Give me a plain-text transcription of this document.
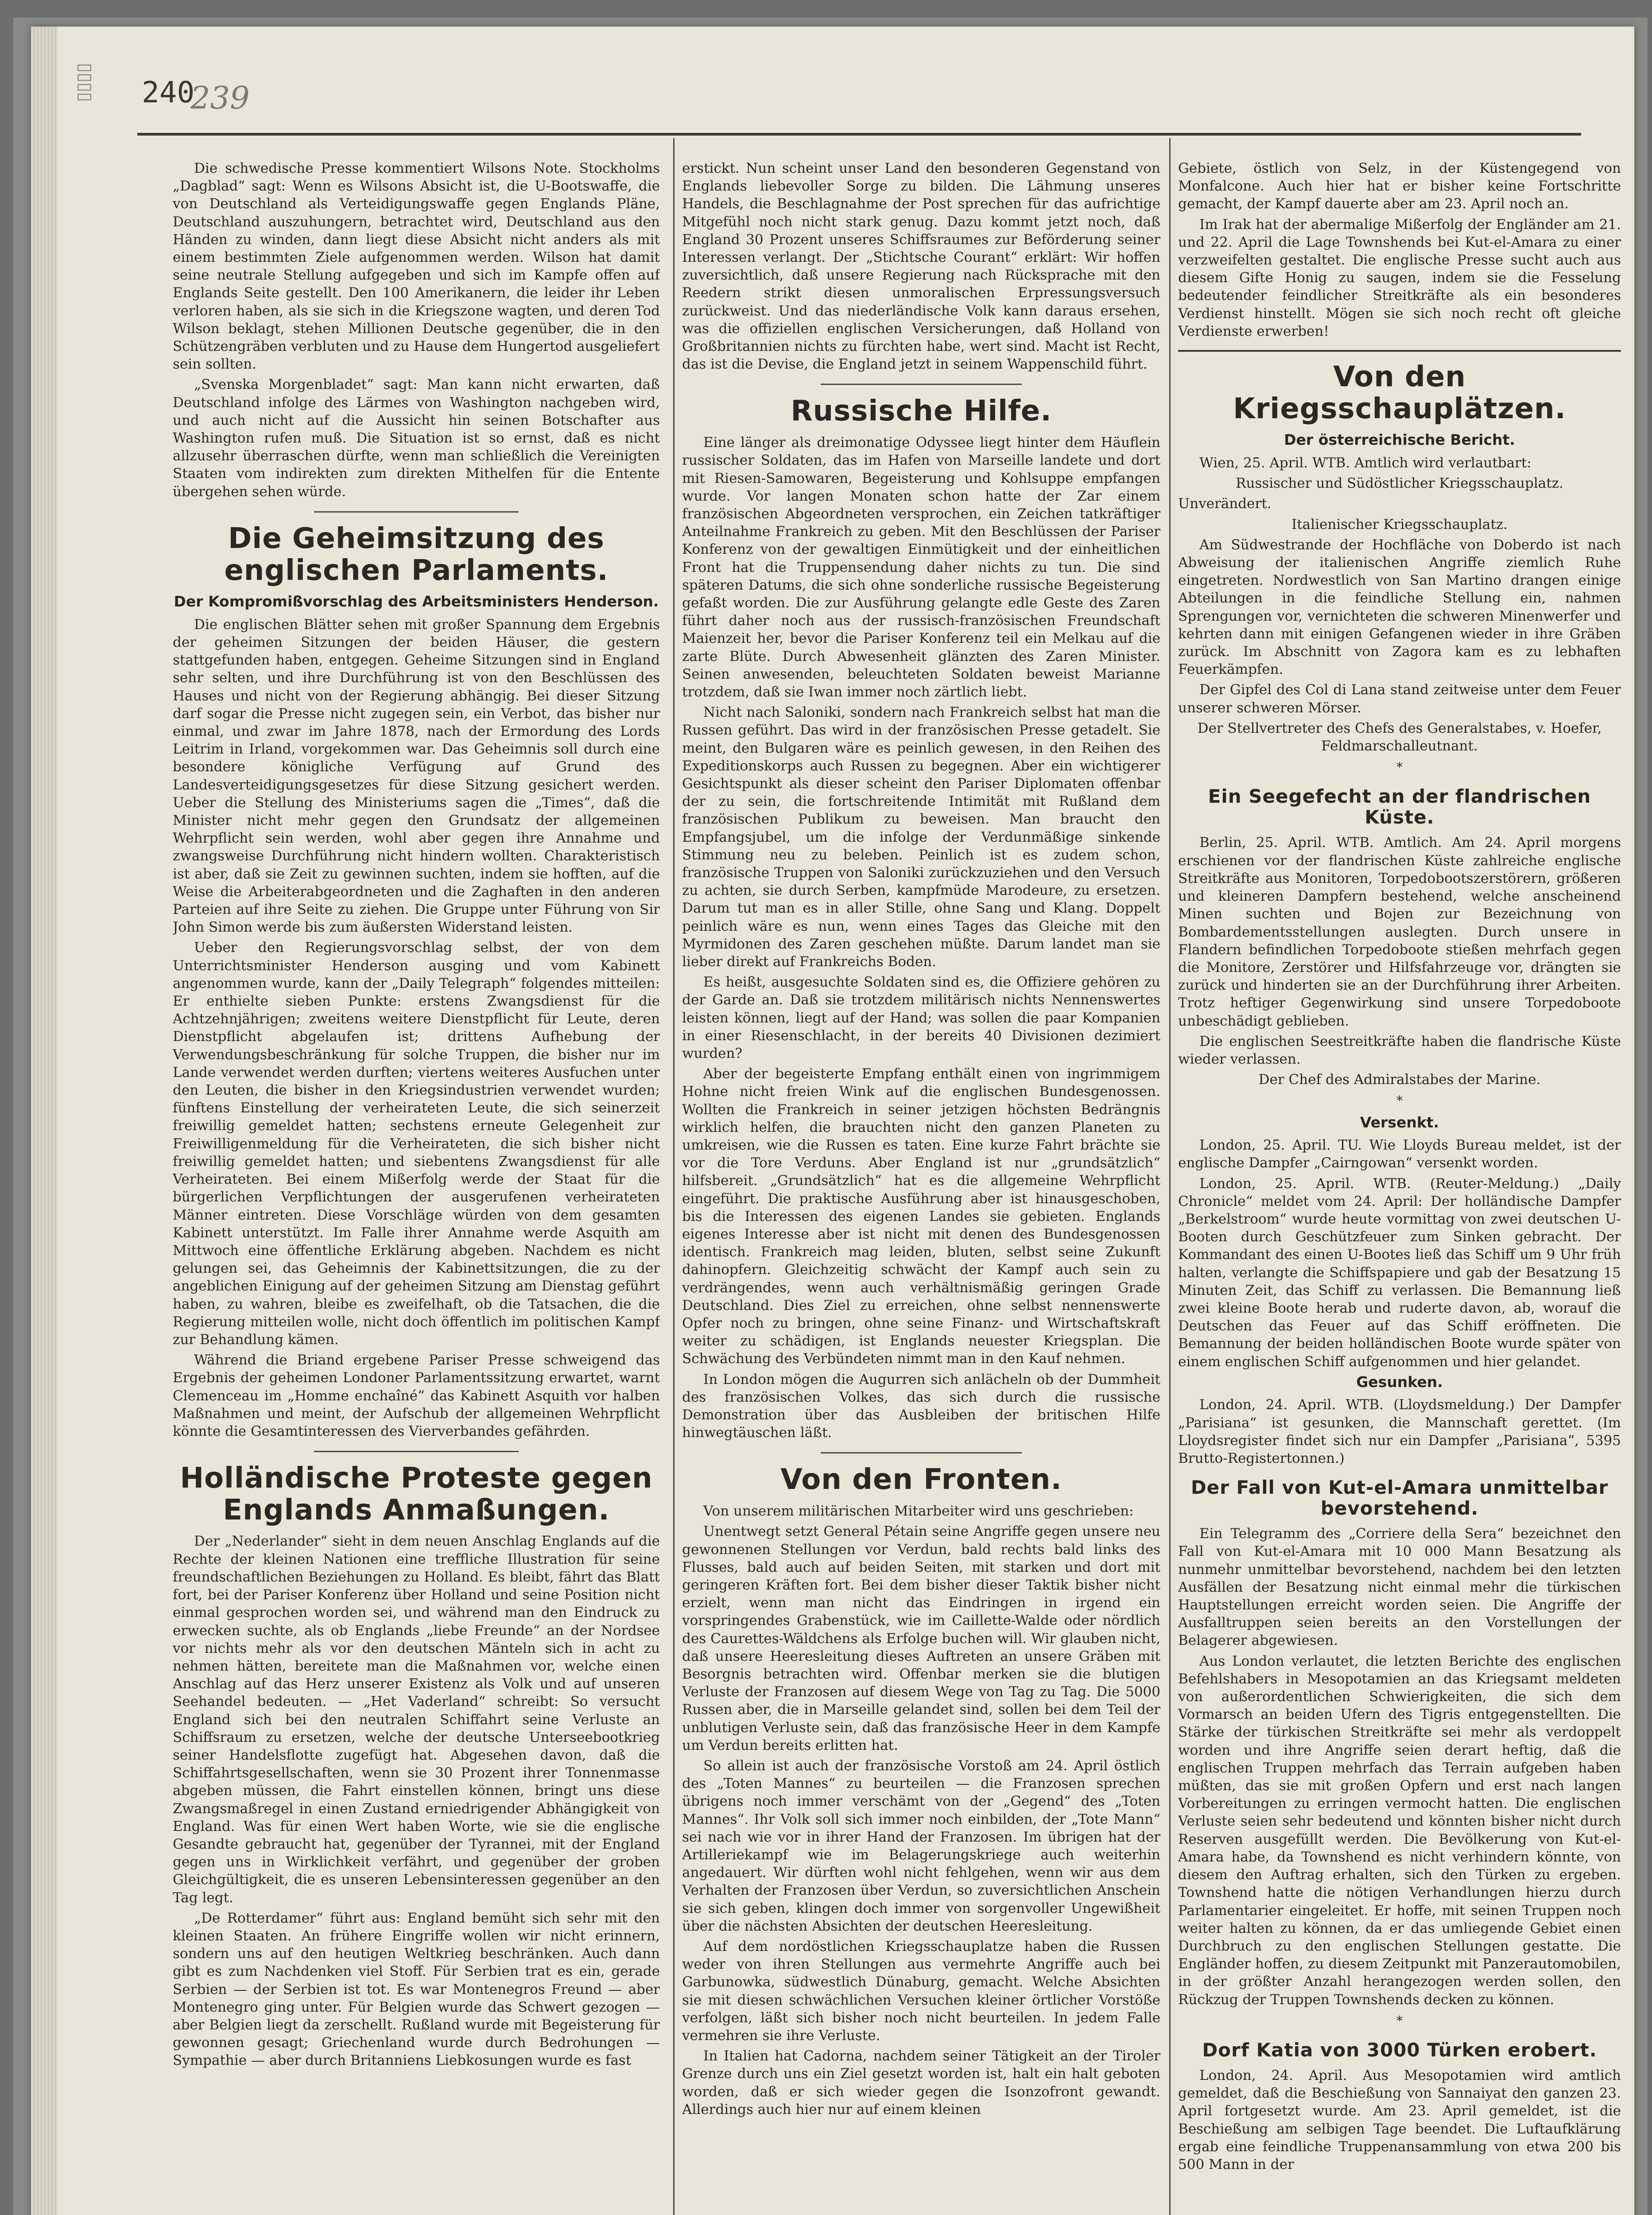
▯▯▯▯ 240
239

Die schwedische Presse kommentiert Wilsons Note. Stockholms „Dagblad“ sagt: Wenn es Wilsons Absicht ist, die U-Bootswaffe, die von Deutschland als Verteidigungswaffe gegen Englands Pläne, Deutschland auszuhungern, betrachtet wird, Deutschland aus den Händen zu winden, dann liegt diese Absicht nicht anders als mit einem bestimmten Ziele aufgenommen werden. Wilson hat damit seine neutrale Stellung aufgegeben und sich im Kampfe offen auf Englands Seite gestellt. Den 100 Amerikanern, die leider ihr Leben verloren haben, als sie sich in die Kriegszone wagten, und deren Tod Wilson beklagt, stehen Millionen Deutsche gegenüber, die in den Schützengräben verbluten und zu Hause dem Hungertod ausgeliefert sein sollten.

„Svenska Morgenbladet“ sagt: Man kann nicht erwarten, daß Deutschland infolge des Lärmes von Washington nachgeben wird, und auch nicht auf die Aussicht hin seinen Botschafter aus Washington rufen muß. Die Situation ist so ernst, daß es nicht allzusehr überraschen dürfte, wenn man schließlich die Vereinigten Staaten vom indirekten zum direkten Mithelfen für die Entente übergehen sehen würde.

Die Geheimsitzung des englischen Parlaments.
Der Kompromißvorschlag des Arbeitsministers Henderson.

Die englischen Blätter sehen mit großer Spannung dem Ergebnis der geheimen Sitzungen der beiden Häuser, die gestern stattgefunden haben, entgegen. Geheime Sitzungen sind in England sehr selten, und ihre Durchführung ist von den Beschlüssen des Hauses und nicht von der Regierung abhängig. Bei dieser Sitzung darf sogar die Presse nicht zugegen sein, ein Verbot, das bisher nur einmal, und zwar im Jahre 1878, nach der Ermordung des Lords Leitrim in Irland, vorgekommen war. Das Geheimnis soll durch eine besondere königliche Verfügung auf Grund des Landesverteidigungsgesetzes für diese Sitzung gesichert werden. Ueber die Stellung des Ministeriums sagen die „Times“, daß die Minister nicht mehr gegen den Grundsatz der allgemeinen Wehrpflicht sein werden, wohl aber gegen ihre Annahme und zwangsweise Durchführung nicht hindern wollten. Charakteristisch ist aber, daß sie Zeit zu gewinnen suchten, indem sie hofften, auf die Weise die Arbeiterabgeordneten und die Zaghaften in den anderen Parteien auf ihre Seite zu ziehen. Die Gruppe unter Führung von Sir John Simon werde bis zum äußersten Widerstand leisten.

Ueber den Regierungsvorschlag selbst, der von dem Unterrichtsminister Henderson ausging und vom Kabinett angenommen wurde, kann der „Daily Telegraph“ folgendes mitteilen: Er enthielte sieben Punkte: erstens Zwangsdienst für die Achtzehnjährigen; zweitens weitere Dienstpflicht für Leute, deren Dienstpflicht abgelaufen ist; drittens Aufhebung der Verwendungsbeschränkung für solche Truppen, die bisher nur im Lande verwendet werden durften; viertens weiteres Ausfuchen unter den Leuten, die bisher in den Kriegsindustrien verwendet wurden; fünftens Einstellung der verheirateten Leute, die sich seinerzeit freiwillig gemeldet hatten; sechstens erneute Gelegenheit zur Freiwilligenmeldung für die Verheirateten, die sich bisher nicht freiwillig gemeldet hatten; und siebentens Zwangsdienst für alle Verheirateten. Bei einem Mißerfolg werde der Staat für die bürgerlichen Verpflichtungen der ausgerufenen verheirateten Männer eintreten. Diese Vorschläge würden von dem gesamten Kabinett unterstützt. Im Falle ihrer Annahme werde Asquith am Mittwoch eine öffentliche Erklärung abgeben. Nachdem es nicht gelungen sei, das Geheimnis der Kabinettsitzungen, die zu der angeblichen Einigung auf der geheimen Sitzung am Dienstag geführt haben, zu wahren, bleibe es zweifelhaft, ob die Tatsachen, die die Regierung mitteilen wolle, nicht doch öffentlich im politischen Kampf zur Behandlung kämen.

Während die Briand ergebene Pariser Presse schweigend das Ergebnis der geheimen Londoner Parlamentssitzung erwartet, warnt Clemenceau im „Homme enchaîné“ das Kabinett Asquith vor halben Maßnahmen und meint, der Aufschub der allgemeinen Wehrpflicht könnte die Gesamtinteressen des Vierverbandes gefährden.

Holländische Proteste gegen Englands Anmaßungen.

Der „Nederlander“ sieht in dem neuen Anschlag Englands auf die Rechte der kleinen Nationen eine treffliche Illustration für seine freundschaftlichen Beziehungen zu Holland. Es bleibt, fährt das Blatt fort, bei der Pariser Konferenz über Holland und seine Position nicht einmal gesprochen worden sei, und während man den Eindruck zu erwecken suchte, als ob Englands „liebe Freunde“ an der Nordsee vor nichts mehr als vor den deutschen Mänteln sich in acht zu nehmen hätten, bereitete man die Maßnahmen vor, welche einen Anschlag auf das Herz unserer Existenz als Volk und auf unseren Seehandel bedeuten. — „Het Vaderland“ schreibt: So versucht England sich bei den neutralen Schiffahrt seine Verluste an Schiffsraum zu ersetzen, welche der deutsche Unterseebootkrieg seiner Handelsflotte zugefügt hat. Abgesehen davon, daß die Schiffahrtsgesellschaften, wenn sie 30 Prozent ihrer Tonnenmasse abgeben müssen, die Fahrt einstellen können, bringt uns diese Zwangsmaßregel in einen Zustand erniedrigender Abhängigkeit von England. Was für einen Wert haben Worte, wie sie die englische Gesandte gebraucht hat, gegenüber der Tyrannei, mit der England gegen uns in Wirklichkeit verfährt, und gegenüber der groben Gleichgültigkeit, die es unseren Lebensinteressen gegenüber an den Tag legt.

„De Rotterdamer“ führt aus: England bemüht sich sehr mit den kleinen Staaten. An frühere Eingriffe wollen wir nicht erinnern, sondern uns auf den heutigen Weltkrieg beschränken. Auch dann gibt es zum Nachdenken viel Stoff. Für Serbien trat es ein, gerade Serbien — der Serbien ist tot. Es war Montenegros Freund — aber Montenegro ging unter. Für Belgien wurde das Schwert gezogen — aber Belgien liegt da zerschellt. Rußland wurde mit Begeisterung für gewonnen gesagt; Griechenland wurde durch Bedrohungen — Sympathie — aber durch Britanniens Liebkosungen wurde es fast

erstickt. Nun scheint unser Land den besonderen Gegenstand von Englands liebevoller Sorge zu bilden. Die Lähmung unseres Handels, die Beschlagnahme der Post sprechen für das aufrichtige Mitgefühl noch nicht stark genug. Dazu kommt jetzt noch, daß England 30 Prozent unseres Schiffsraumes zur Beförderung seiner Interessen verlangt. Der „Stichtsche Courant“ erklärt: Wir hoffen zuversichtlich, daß unsere Regierung nach Rücksprache mit den Reedern strikt diesen unmoralischen Erpressungsversuch zurückweist. Und das niederländische Volk kann daraus ersehen, was die offiziellen englischen Versicherungen, daß Holland von Großbritannien nichts zu fürchten habe, wert sind. Macht ist Recht, das ist die Devise, die England jetzt in seinem Wappenschild führt.

Russische Hilfe.

Eine länger als dreimonatige Odyssee liegt hinter dem Häuflein russischer Soldaten, das im Hafen von Marseille landete und dort mit Riesen-Samowaren, Begeisterung und Kohlsuppe empfangen wurde. Vor langen Monaten schon hatte der Zar einem französischen Abgeordneten versprochen, ein Zeichen tatkräftiger Anteilnahme Frankreich zu geben. Mit den Beschlüssen der Pariser Konferenz von der gewaltigen Einmütigkeit und der einheitlichen Front hat die Truppensendung daher nichts zu tun. Die sind späteren Datums, die sich ohne sonderliche russische Begeisterung gefaßt worden. Die zur Ausführung gelangte edle Geste des Zaren führt daher noch aus der russisch-französischen Freundschaft Maienzeit her, bevor die Pariser Konferenz teil ein Melkau auf die zarte Blüte. Durch Abwesenheit glänzten des Zaren Minister. Seinen anwesenden, beleuchteten Soldaten beweist Marianne trotzdem, daß sie Iwan immer noch zärtlich liebt.

Nicht nach Saloniki, sondern nach Frankreich selbst hat man die Russen geführt. Das wird in der französischen Presse getadelt. Sie meint, den Bulgaren wäre es peinlich gewesen, in den Reihen des Expeditionskorps auch Russen zu begegnen. Aber ein wichtigerer Gesichtspunkt als dieser scheint den Pariser Diplomaten offenbar der zu sein, die fortschreitende Intimität mit Rußland dem französischen Publikum zu beweisen. Man braucht den Empfangsjubel, um die infolge der Verdunmäßige sinkende Stimmung neu zu beleben. Peinlich ist es zudem schon, französische Truppen von Saloniki zurückzuziehen und den Versuch zu achten, sie durch Serben, kampfmüde Marodeure, zu ersetzen. Darum tut man es in aller Stille, ohne Sang und Klang. Doppelt peinlich wäre es nun, wenn eines Tages das Gleiche mit den Myrmidonen des Zaren geschehen müßte. Darum landet man sie lieber direkt auf Frankreichs Boden.

Es heißt, ausgesuchte Soldaten sind es, die Offiziere gehören zu der Garde an. Daß sie trotzdem militärisch nichts Nennenswertes leisten können, liegt auf der Hand; was sollen die paar Kompanien in einer Riesenschlacht, in der bereits 40 Divisionen dezimiert wurden?

Aber der begeisterte Empfang enthält einen von ingrimmigem Hohne nicht freien Wink auf die englischen Bundesgenossen. Wollten die Frankreich in seiner jetzigen höchsten Bedrängnis wirklich helfen, die brauchten nicht den ganzen Planeten zu umkreisen, wie die Russen es taten. Eine kurze Fahrt brächte sie vor die Tore Verduns. Aber England ist nur „grundsätzlich“ hilfsbereit. „Grundsätzlich“ hat es die allgemeine Wehrpflicht eingeführt. Die praktische Ausführung aber ist hinausgeschoben, bis die Interessen des eigenen Landes sie gebieten. Englands eigenes Interesse aber ist nicht mit denen des Bundesgenossen identisch. Frankreich mag leiden, bluten, selbst seine Zukunft dahinopfern. Gleichzeitig schwächt der Kampf auch sein zu verdrängendes, wenn auch verhältnismäßig geringen Grade Deutschland. Dies Ziel zu erreichen, ohne selbst nennenswerte Opfer noch zu bringen, ohne seine Finanz- und Wirtschaftskraft weiter zu schädigen, ist Englands neuester Kriegsplan. Die Schwächung des Verbündeten nimmt man in den Kauf nehmen.

In London mögen die Augurren sich anlächeln ob der Dummheit des französischen Volkes, das sich durch die russische Demonstration über das Ausbleiben der britischen Hilfe hinwegtäuschen läßt.

Von den Fronten.

Von unserem militärischen Mitarbeiter wird uns geschrieben:

Unentwegt setzt General Pétain seine Angriffe gegen unsere neu gewonnenen Stellungen vor Verdun, bald rechts bald links des Flusses, bald auch auf beiden Seiten, mit starken und dort mit geringeren Kräften fort. Bei dem bisher dieser Taktik bisher nicht erzielt, wenn man nicht das Eindringen in irgend ein vorspringendes Grabenstück, wie im Caillette-Walde oder nördlich des Caurettes-Wäldchens als Erfolge buchen will. Wir glauben nicht, daß unsere Heeresleitung dieses Auftreten an unsere Gräben mit Besorgnis betrachten wird. Offenbar merken sie die blutigen Verluste der Franzosen auf diesem Wege von Tag zu Tag. Die 5000 Russen aber, die in Marseille gelandet sind, sollen bei dem Teil der unblutigen Verluste sein, daß das französische Heer in dem Kampfe um Verdun bereits erlitten hat.

So allein ist auch der französische Vorstoß am 24. April östlich des „Toten Mannes“ zu beurteilen — die Franzosen sprechen übrigens noch immer verschämt von der „Gegend“ des „Toten Mannes“. Ihr Volk soll sich immer noch einbilden, der „Tote Mann“ sei nach wie vor in ihrer Hand der Franzosen. Im übrigen hat der Artilleriekampf wie im Belagerungskriege auch weiterhin angedauert. Wir dürften wohl nicht fehlgehen, wenn wir aus dem Verhalten der Franzosen über Verdun, so zuversichtlichen Anschein sie sich geben, klingen doch immer von sorgenvoller Ungewißheit über die nächsten Absichten der deutschen Heeresleitung.

Auf dem nordöstlichen Kriegsschauplatze haben die Russen weder von ihren Stellungen aus vermehrte Angriffe auch bei Garbunowka, südwestlich Dünaburg, gemacht. Welche Absichten sie mit diesen schwächlichen Versuchen kleiner örtlicher Vorstöße verfolgen, läßt sich bisher noch nicht beurteilen. In jedem Falle vermehren sie ihre Verluste.

In Italien hat Cadorna, nachdem seiner Tätigkeit an der Tiroler Grenze durch uns ein Ziel gesetzt worden ist, halt ein halt geboten worden, daß er sich wieder gegen die Isonzofront gewandt. Allerdings auch hier nur auf einem kleinen

Gebiete, östlich von Selz, in der Küstengegend von Monfalcone. Auch hier hat er bisher keine Fortschritte gemacht, der Kampf dauerte aber am 23. April noch an.

Im Irak hat der abermalige Mißerfolg der Engländer am 21. und 22. April die Lage Townshends bei Kut-el-Amara zu einer verzweifelten gestaltet. Die englische Presse sucht auch aus diesem Gifte Honig zu saugen, indem sie die Fesselung bedeutender feindlicher Streitkräfte als ein besonderes Verdienst hinstellt. Mögen sie sich noch recht oft gleiche Verdienste erwerben!

Von den Kriegsschauplätzen.
Der österreichische Bericht.

Wien, 25. April. WTB. Amtlich wird verlautbart:

Russischer und Südöstlicher Kriegsschauplatz.

Unverändert.

Italienischer Kriegsschauplatz.

Am Südwestrande der Hochfläche von Doberdo ist nach Abweisung der italienischen Angriffe ziemlich Ruhe eingetreten. Nordwestlich von San Martino drangen einige Abteilungen in die feindliche Stellung ein, nahmen Sprengungen vor, vernichteten die schweren Minenwerfer und kehrten dann mit einigen Gefangenen wieder in ihre Gräben zurück. Im Abschnitt von Zagora kam es zu lebhaften Feuerkämpfen.

Der Gipfel des Col di Lana stand zeitweise unter dem Feuer unserer schweren Mörser.

Der Stellvertreter des Chefs des Generalstabes, v. Hoefer, Feldmarschalleutnant.

*
Ein Seegefecht an der flandrischen Küste.

Berlin, 25. April. WTB. Amtlich. Am 24. April morgens erschienen vor der flandrischen Küste zahlreiche englische Streitkräfte aus Monitoren, Torpedobootszerstörern, größeren und kleineren Dampfern bestehend, welche anscheinend Minen suchten und Bojen zur Bezeichnung von Bombardementsstellungen auslegten. Durch unsere in Flandern befindlichen Torpedoboote stießen mehrfach gegen die Monitore, Zerstörer und Hilfsfahrzeuge vor, drängten sie zurück und hinderten sie an der Durchführung ihrer Arbeiten. Trotz heftiger Gegenwirkung sind unsere Torpedoboote unbeschädigt geblieben.

Die englischen Seestreitkräfte haben die flandrische Küste wieder verlassen.

Der Chef des Admiralstabes der Marine.

*
Versenkt.

London, 25. April. TU. Wie Lloyds Bureau meldet, ist der englische Dampfer „Cairngowan“ versenkt worden.

London, 25. April. WTB. (Reuter-Meldung.) „Daily Chronicle“ meldet vom 24. April: Der holländische Dampfer „Berkelstroom“ wurde heute vormittag von zwei deutschen U-Booten durch Geschützfeuer zum Sinken gebracht. Der Kommandant des einen U-Bootes ließ das Schiff um 9 Uhr früh halten, verlangte die Schiffspapiere und gab der Besatzung 15 Minuten Zeit, das Schiff zu verlassen. Die Bemannung ließ zwei kleine Boote herab und ruderte davon, ab, worauf die Deutschen das Feuer auf das Schiff eröffneten. Die Bemannung der beiden holländischen Boote wurde später von einem englischen Schiff aufgenommen und hier gelandet.

Gesunken.

London, 24. April. WTB. (Lloydsmeldung.) Der Dampfer „Parisiana“ ist gesunken, die Mannschaft gerettet. (Im Lloydsregister findet sich nur ein Dampfer „Parisiana“, 5395 Brutto-Registertonnen.)

Der Fall von Kut-el-Amara unmittelbar bevorstehend.

Ein Telegramm des „Corriere della Sera“ bezeichnet den Fall von Kut-el-Amara mit 10 000 Mann Besatzung als nunmehr unmittelbar bevorstehend, nachdem bei den letzten Ausfällen der Besatzung nicht einmal mehr die türkischen Hauptstellungen erreicht worden seien. Die Angriffe der Ausfalltruppen seien bereits an den Vorstellungen der Belagerer abgewiesen.

Aus London verlautet, die letzten Berichte des englischen Befehlshabers in Mesopotamien an das Kriegsamt meldeten von außerordentlichen Schwierigkeiten, die sich dem Vormarsch an beiden Ufern des Tigris entgegenstellten. Die Stärke der türkischen Streitkräfte sei mehr als verdoppelt worden und ihre Angriffe seien derart heftig, daß die englischen Truppen mehrfach das Terrain aufgeben haben müßten, das sie mit großen Opfern und erst nach langen Vorbereitungen zu erringen vermocht hatten. Die englischen Verluste seien sehr bedeutend und könnten bisher nicht durch Reserven ausgefüllt werden. Die Bevölkerung von Kut-el-Amara habe, da Townshend es nicht verhindern könnte, von diesem den Auftrag erhalten, sich den Türken zu ergeben. Townshend hatte die nötigen Verhandlungen hierzu durch Parlamentarier eingeleitet. Er hoffe, mit seinen Truppen noch weiter halten zu können, da er das umliegende Gebiet einen Durchbruch zu den englischen Stellungen gestatte. Die Engländer hoffen, zu diesem Zeitpunkt mit Panzerautomobilen, in der größter Anzahl herangezogen werden sollen, den Rückzug der Truppen Townshends decken zu können.

*
Dorf Katia von 3000 Türken erobert.

London, 24. April. Aus Mesopotamien wird amtlich gemeldet, daß die Beschießung von Sannaiyat den ganzen 23. April fortgesetzt wurde. Am 23. April gemeldet, ist die Beschießung am selbigen Tage beendet. Die Luftaufklärung ergab eine feindliche Truppenansammlung von etwa 200 bis 500 Mann in der
